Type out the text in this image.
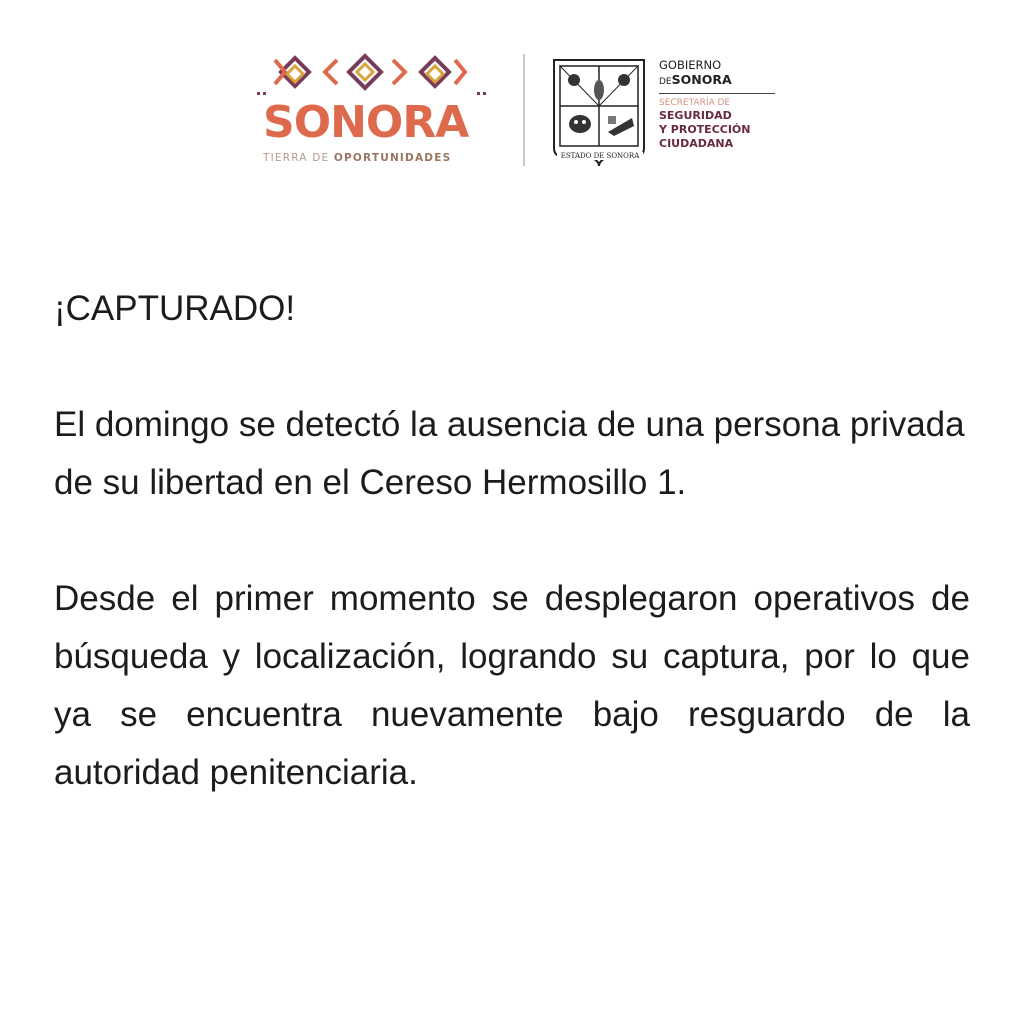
SONORA

TIERRA DE OPORTUNIDADES	ESTADO DE SONORA
GOBIERNO
DESONORA
SECRETARÍA DE
SEGURIDAD
Y PROTECCIÓN
CIUDADANA

¡CAPTURADO!

El domingo se detectó la ausencia de una persona privada de su libertad en el Cereso Hermosillo 1.

Desde el primer momento se desplegaron operativos de búsqueda y localización, logrando su captura, por lo que ya se encuentra nuevamente bajo resguardo de la autoridad penitenciaria.
